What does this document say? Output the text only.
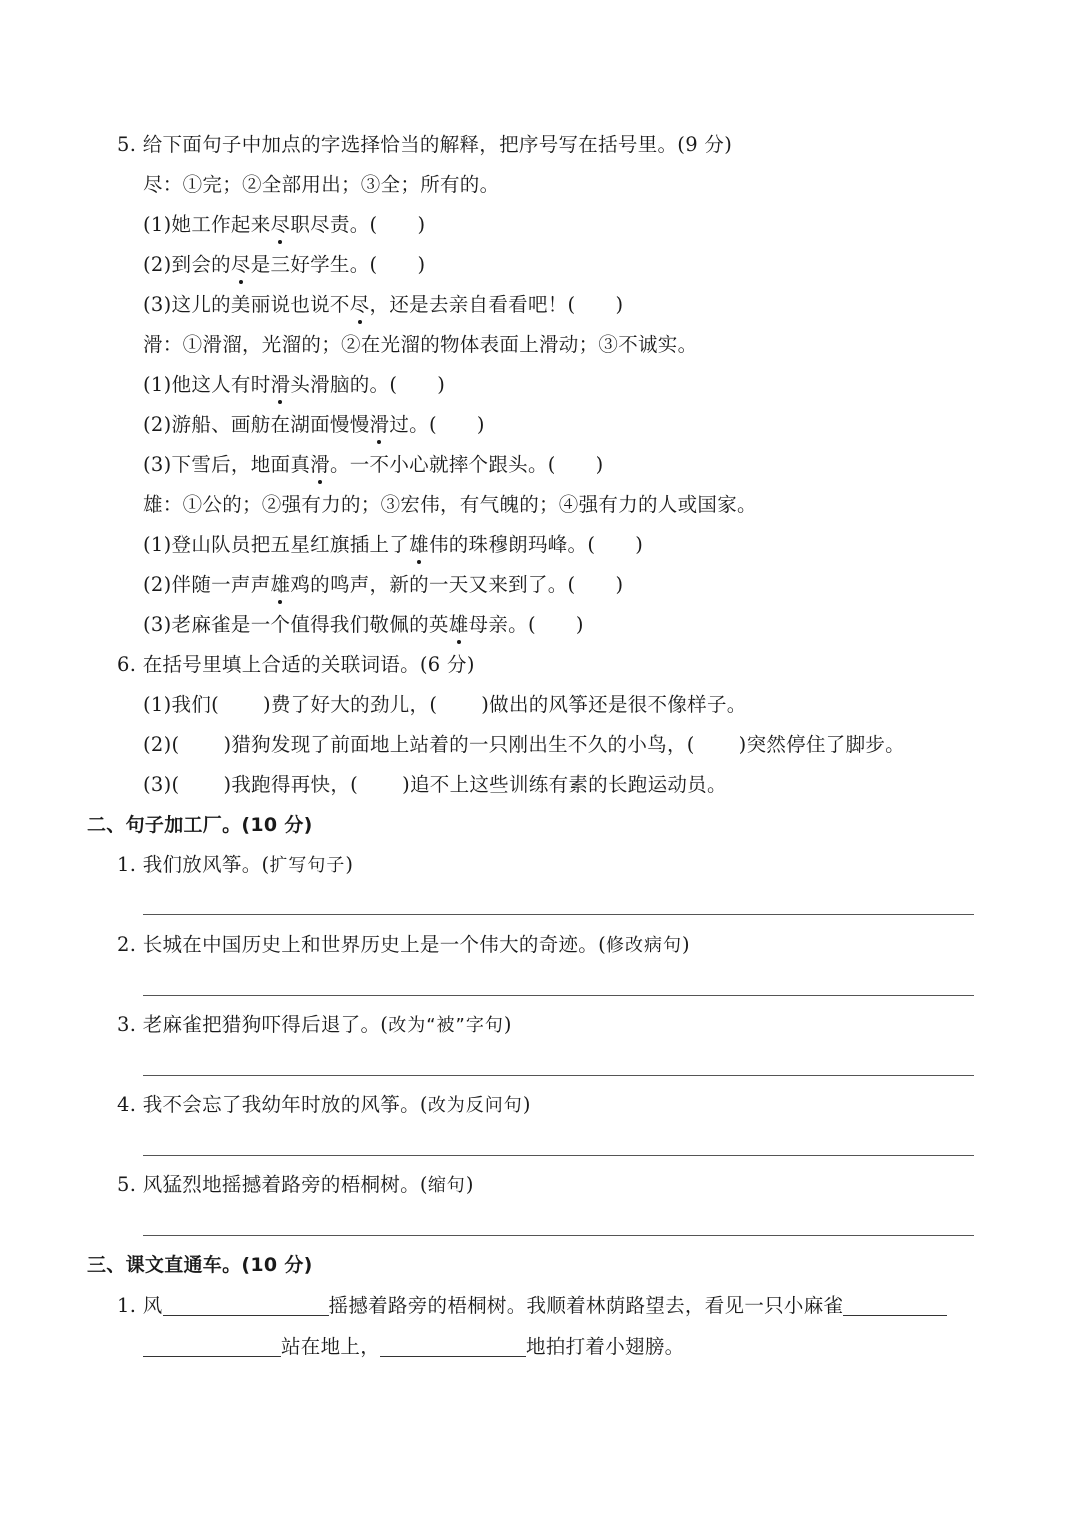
5. 给下面句子中加点的字选择恰当的解释，把序号写在括号里。(9 分)
尽：①完；②全部用出；③全；所有的。
(1)她工作起来尽职尽责。( )
(2)到会的尽是三好学生。( )
(3)这儿的美丽说也说不尽，还是去亲自看看吧！( )
滑：①滑溜，光溜的；②在光溜的物体表面上滑动；③不诚实。
(1)他这人有时滑头滑脑的。( )
(2)游船、画舫在湖面慢慢滑过。( )
(3)下雪后，地面真滑。一不小心就摔个跟头。( )
雄：①公的；②强有力的；③宏伟，有气魄的；④强有力的人或国家。
(1)登山队员把五星红旗插上了雄伟的珠穆朗玛峰。( )
(2)伴随一声声雄鸡的鸣声，新的一天又来到了。( )
(3)老麻雀是一个值得我们敬佩的英雄母亲。( )
6. 在括号里填上合适的关联词语。(6 分)
(1)我们( )费了好大的劲儿，( )做出的风筝还是很不像样子。
(2)( )猎狗发现了前面地上站着的一只刚出生不久的小鸟，( )突然停住了脚步。
(3)( )我跑得再快，( )追不上这些训练有素的长跑运动员。
二、句子加工厂。(10 分)
1. 我们放风筝。(扩写句子)
2. 长城在中国历史上和世界历史上是一个伟大的奇迹。(修改病句)
3. 老麻雀把猎狗吓得后退了。(改为“被”字句)
4. 我不会忘了我幼年时放的风筝。(改为反问句)
5. 风猛烈地摇撼着路旁的梧桐树。(缩句)
三、课文直通车。(10 分)
1. 风	摇撼着路旁的梧桐树。我顺着林荫路望去，看见一只小麻雀
站在地上，	地拍打着小翅膀。
